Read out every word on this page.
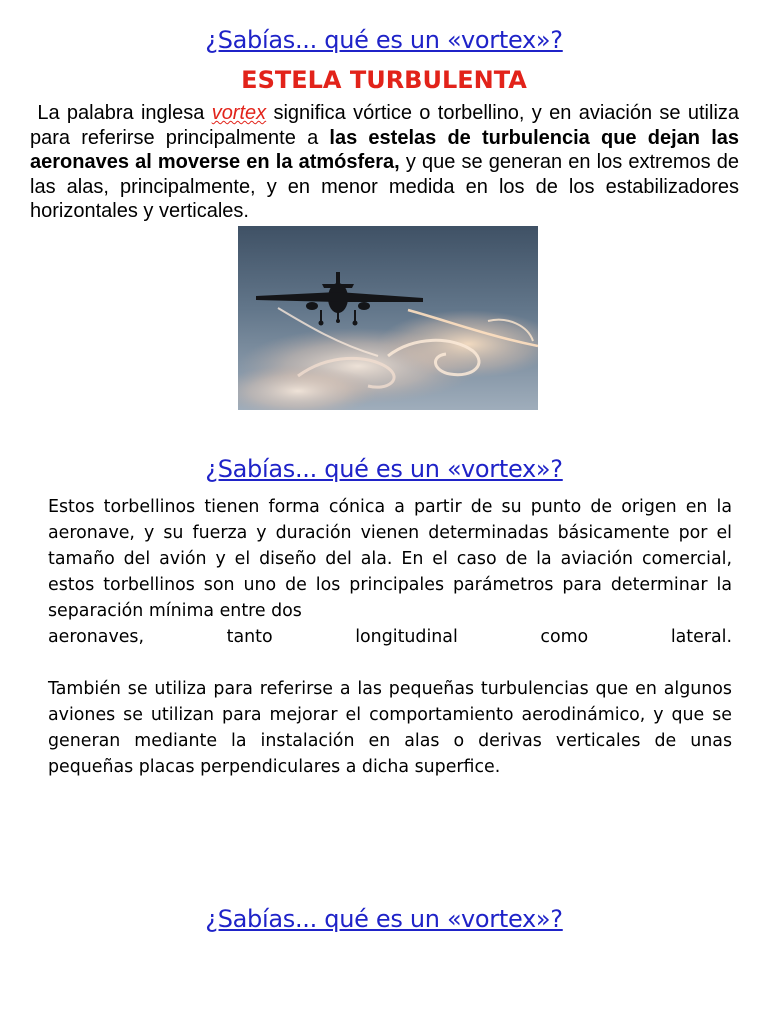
¿Sabías... qué es un «vortex»?
ESTELA TURBULENTA

La palabra inglesa vortex significa vórtice o torbellino, y en aviación se utiliza para referirse principalmente a las estelas de turbulencia que dejan las aeronaves al moverse en la atmósfera, y que se generan en los extremos de las alas, principalmente, y en menor medida en los de los estabilizadores horizontales y verticales.

¿Sabías... qué es un «vortex»?

Estos torbellinos tienen forma cónica a partir de su punto de origen en la aeronave, y su fuerza y duración vienen determinadas básicamente por el tamaño del avión y el diseño del ala. En el caso de la aviación comercial, estos torbellinos son uno de los principales parámetros para determinar la separación mínima entre dos
aeronaves, tanto longitudinal como lateral.

También se utiliza para referirse a las pequeñas turbulencias que en algunos aviones se utilizan para mejorar el comportamiento aerodinámico, y que se generan mediante la instalación en alas o derivas verticales de unas pequeñas placas perpendiculares a dicha superfice.

¿Sabías... qué es un «vortex»?
